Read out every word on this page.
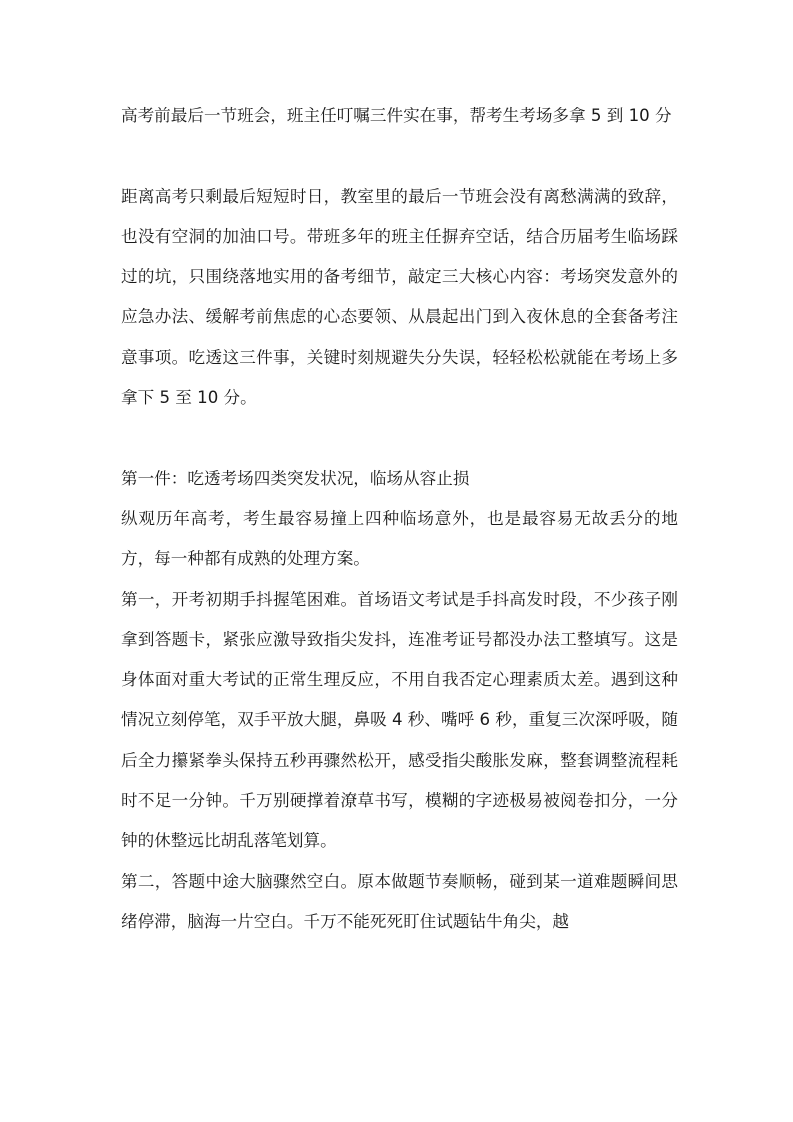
高考前最后一节班会，班主任叮嘱三件实在事，帮考生考场多拿 5 到 10 分

距离高考只剩最后短短时日，教室里的最后一节班会没有离愁满满的致辞，也没有空洞的加油口号。带班多年的班主任摒弃空话，结合历届考生临场踩过的坑，只围绕落地实用的备考细节，敲定三大核心内容：考场突发意外的应急办法、缓解考前焦虑的心态要领、从晨起出门到入夜休息的全套备考注意事项。吃透这三件事，关键时刻规避失分失误，轻轻松松就能在考场上多拿下 5 至 10 分。

第一件：吃透考场四类突发状况，临场从容止损

纵观历年高考，考生最容易撞上四种临场意外，也是最容易无故丢分的地方，每一种都有成熟的处理方案。

第一，开考初期手抖握笔困难。首场语文考试是手抖高发时段，不少孩子刚拿到答题卡，紧张应激导致指尖发抖，连准考证号都没办法工整填写。这是身体面对重大考试的正常生理反应，不用自我否定心理素质太差。遇到这种情况立刻停笔，双手平放大腿，鼻吸 4 秒、嘴呼 6 秒，重复三次深呼吸，随后全力攥紧拳头保持五秒再骤然松开，感受指尖酸胀发麻，整套调整流程耗时不足一分钟。千万别硬撑着潦草书写，模糊的字迹极易被阅卷扣分，一分钟的休整远比胡乱落笔划算。

第二，答题中途大脑骤然空白。原本做题节奏顺畅，碰到某一道难题瞬间思绪停滞，脑海一片空白。千万不能死死盯住试题钻牛角尖，越
